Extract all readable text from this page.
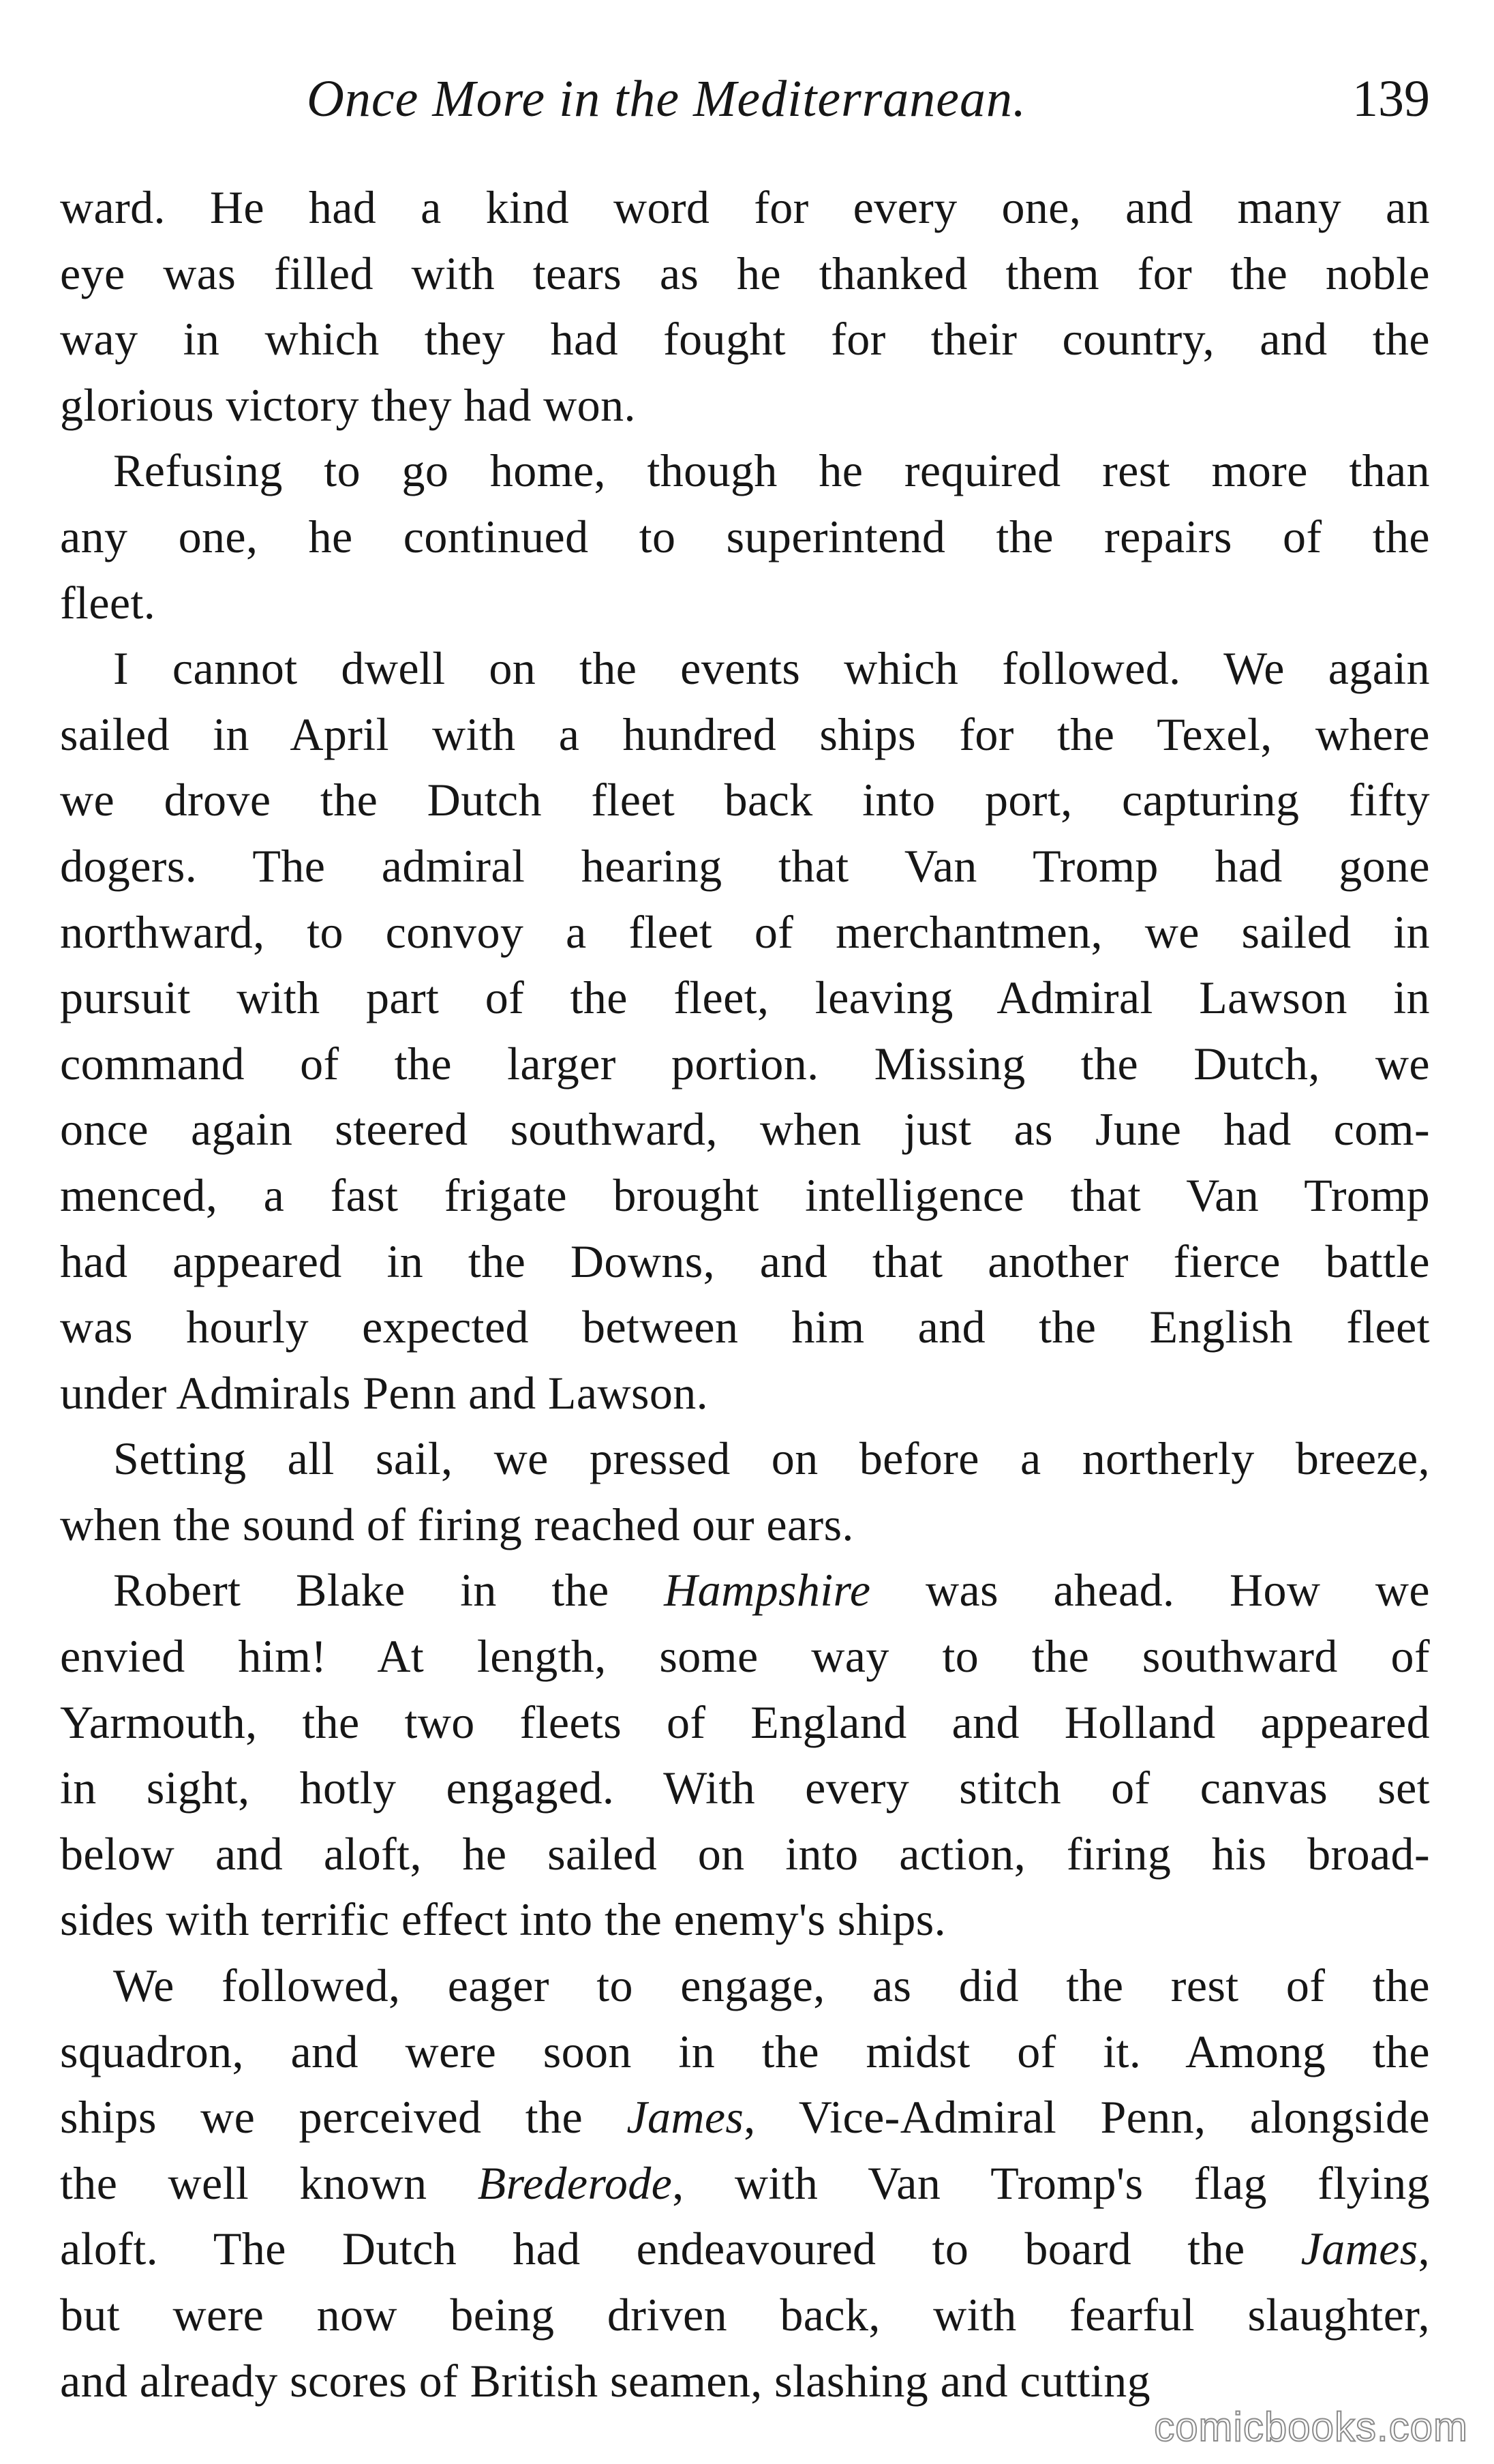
Once More in the Mediterranean.	139
ward. He had a kind word for every one, and many an
eye was filled with tears as he thanked them for the noble
way in which they had fought for their country, and the
glorious victory they had won.
Refusing to go home, though he required rest more than
any one, he continued to superintend the repairs of the
fleet.
I cannot dwell on the events which followed. We again
sailed in April with a hundred ships for the Texel, where
we drove the Dutch fleet back into port, capturing fifty
dogers. The admiral hearing that Van Tromp had gone
northward, to convoy a fleet of merchantmen, we sailed in
pursuit with part of the fleet, leaving Admiral Lawson in
command of the larger portion. Missing the Dutch, we
once again steered southward, when just as June had com-
menced, a fast frigate brought intelligence that Van Tromp
had appeared in the Downs, and that another fierce battle
was hourly expected between him and the English fleet
under Admirals Penn and Lawson.
Setting all sail, we pressed on before a northerly breeze,
when the sound of firing reached our ears.
Robert Blake in the Hampshire was ahead. How we
envied him! At length, some way to the southward of
Yarmouth, the two fleets of England and Holland appeared
in sight, hotly engaged. With every stitch of canvas set
below and aloft, he sailed on into action, firing his broad-
sides with terrific effect into the enemy's ships.
We followed, eager to engage, as did the rest of the
squadron, and were soon in the midst of it. Among the
ships we perceived the James, Vice-Admiral Penn, alongside
the well known Brederode, with Van Tromp's flag flying
aloft. The Dutch had endeavoured to board the James,
but were now being driven back, with fearful slaughter,
and already scores of British seamen, slashing and cutting
comicbooks.com
